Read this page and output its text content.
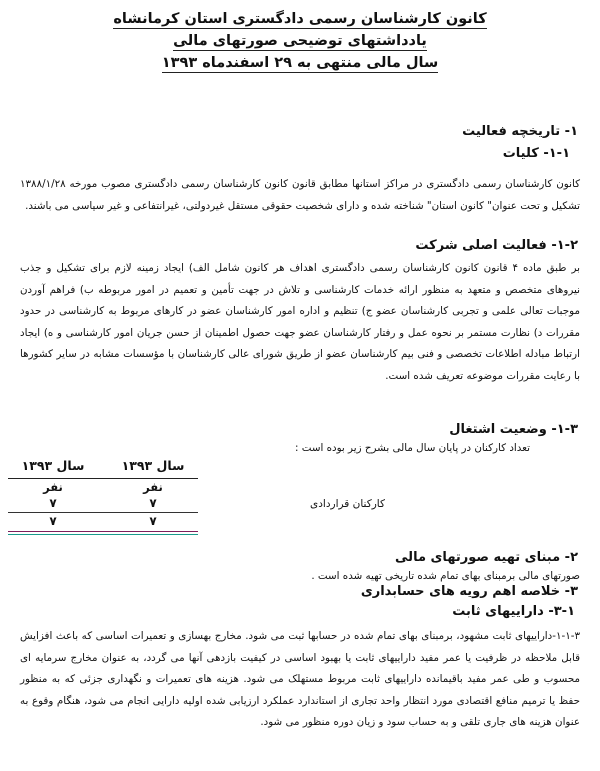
کانون کارشناسان رسمی دادگستری استان کرمانشاه
یادداشتهای توضیحی صورتهای مالی
سال مالی منتهی به ۲۹ اسفندماه ۱۳۹۳
۱- تاریخچه فعالیت
۱-۱- کلیات
کانون کارشناسان رسمی دادگستری در مراکز استانها مطابق قانون کانون کارشناسان رسمی دادگستری مصوب مورخه ۱۳۸۸/۱/۲۸ تشکیل و تحت عنوان" کانون استان" شناخته شده و دارای شخصیت حقوقی مستقل غیردولتی، غیرانتفاعی و غیر سیاسی می باشند.
۱-۲- فعالیت اصلی شرکت
بر طبق ماده ۴ قانون کانون کارشناسان رسمی دادگستری اهداف هر کانون شامل الف) ایجاد زمینه لازم برای تشکیل و جذب نیروهای متخصص و متعهد به منظور ارائه خدمات کارشناسی و تلاش در جهت تأمین و تعمیم در امور مربوطه ب) فراهم آوردن موجبات تعالی علمی و تجربی کارشناسان عضو ج) تنظیم و اداره امور کارشناسان عضو در کارهای مربوط به کارشناسی در حدود مقررات د) نظارت مستمر بر نحوه عمل و رفتار کارشناسان عضو جهت حصول اطمینان از حسن جریان امور کارشناسی و ه) ایجاد ارتباط مبادله اطلاعات تخصصی و فنی بیم کارشناسان عضو از طریق شورای عالی کارشناسان با مؤسسات مشابه در سایر کشورها با رعایت مقررات موضوعه تعریف شده است.
۱-۳- وضعیت اشتغال
تعداد کارکنان در پایان سال مالی بشرح زیر بوده است :
سال ۱۳۹۳
سال ۱۳۹۳
نفر
نفر
۷
۷	کارکنان قراردادی
۷
۷
۲- مبنای تهیه صورتهای مالی
صورتهای مالی برمبنای بهای تمام شده تاریخی تهیه شده است .
۳- خلاصه اهم رویه های حسابداری
۳-۱- داراییهای ثابت
۱-۱-۳-داراییهای ثابت مشهود، برمبنای بهای تمام شده در حسابها ثبت می شود. مخارج بهسازی و تعمیرات اساسی که باعث افزایش قابل ملاحظه در ظرفیت یا عمر مفید داراییهای ثابت یا بهبود اساسی در کیفیت بازدهی آنها می گردد، به عنوان مخارج سرمایه ای محسوب و طی عمر مفید باقیمانده داراییهای ثابت مربوط مستهلک می شود. هزینه های تعمیرات و نگهداری جزئی که به منظور حفظ یا ترمیم منافع اقتصادی مورد انتظار واحد تجاری از استاندارد عملکرد ارزیابی شده اولیه دارایی انجام می شود، هنگام وقوع به عنوان هزینه های جاری تلقی و به حساب سود و زیان دوره منظور می شود.
